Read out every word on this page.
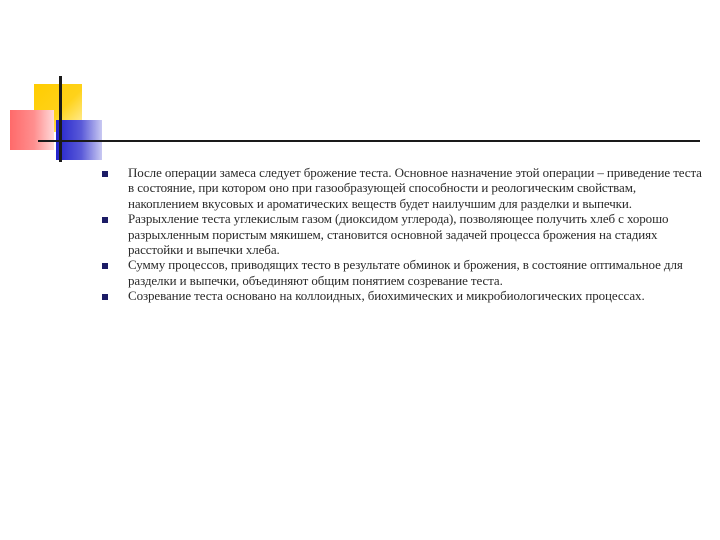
После операции замеса следует брожение теста. Основное назначение этой операции – приведение теста в состояние, при котором оно при газообразующей способности и реологическим свойствам, накоплением вкусовых и ароматических веществ будет наилучшим для разделки и выпечки.
Разрыхление теста углекислым газом (диоксидом углерода), позволяющее получить хлеб с хорошо разрыхленным пористым мякишем, становится основной задачей процесса брожения на стадиях расстойки и выпечки хлеба.
Сумму процессов, приводящих тесто в результате обминок и брожения, в состояние оптимальное для разделки и выпечки, объединяют общим понятием созревание теста.
Созревание теста основано на коллоидных, биохимических и микробиологических процессах.
